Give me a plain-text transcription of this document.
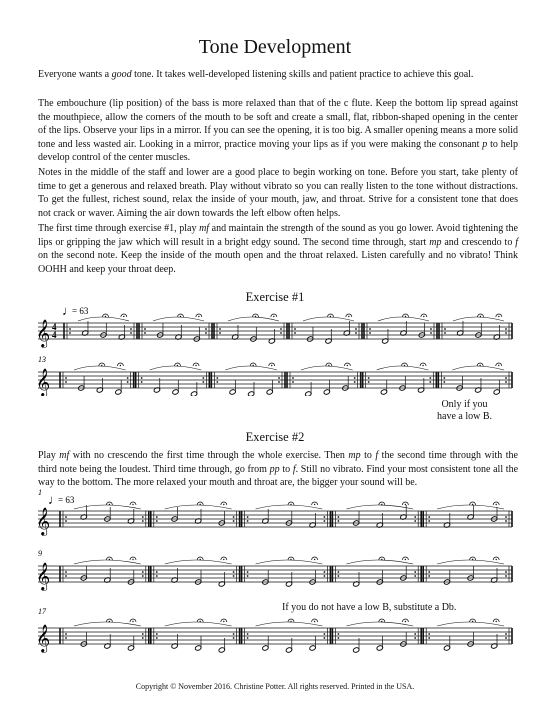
Tone Development
Everyone wants a good tone. It takes well-developed listening skills and patient practice to achieve this goal.
The embouchure (lip position) of the bass is more relaxed than that of the c flute. Keep the bottom lip spread against the mouthpiece, allow the corners of the mouth to be soft and create a small, flat, ribbon-shaped opening in the center of the lips. Observe your lips in a mirror. If you can see the opening, it is too big. A smaller opening means a more solid tone and less wasted air. Looking in a mirror, practice moving your lips as if you were making the consonant p to help develop control of the center muscles.
Notes in the middle of the staff and lower are a good place to begin working on tone. Before you start, take plenty of time to get a generous and relaxed breath. Play without vibrato so you can really listen to the tone without distractions. To get the fullest, richest sound, relax the inside of your mouth, jaw, and throat. Strive for a consistent tone that does not crack or waver. Aiming the air down towards the left elbow often helps.
The first time through exercise #1, play mf and maintain the strength of the sound as you go lower. Avoid tightening the lips or gripping the jaw which will result in a bright edgy sound. The second time through, start mp and crescendo to f on the second note. Keep the inside of the mouth open and the throat relaxed. Listen carefully and no vibrato! Think OOHH and keep your throat deep.
Exercise #1
𝄞 4
4
♩
= 63
13
𝄞
Only if you
have a low B.
Exercise #2
Play mf with no crescendo the first time through the whole exercise. Then mp to f the second time through with the third note being the loudest. Third time through, go from pp to f. Still no vibrato. Find your most consistent tone all the way to the bottom. The more relaxed your mouth and throat are, the bigger your sound will be.
1 ♩
= 63
𝄞
9
𝄞
If you do not have a low B, substitute a Db.
17
𝄞
Copyright © November 2016. Christine Potter. All rights reserved. Printed in the USA.
